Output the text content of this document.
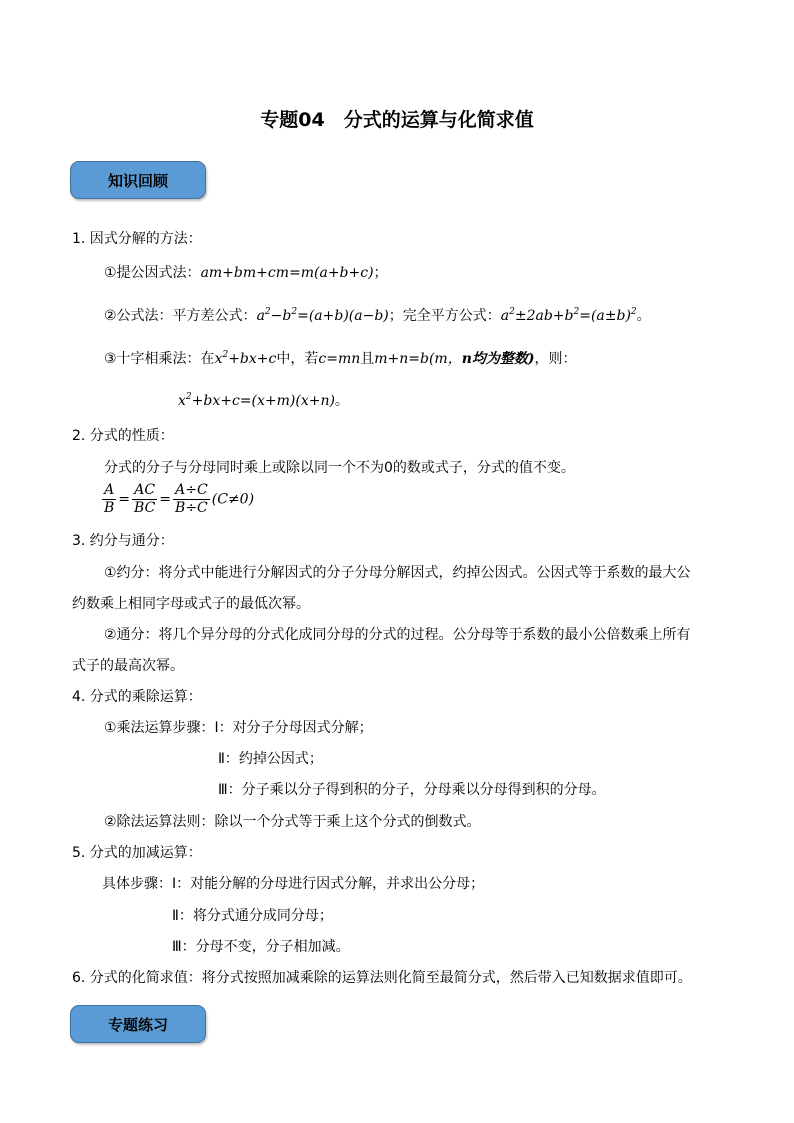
专题04　分式的运算与化简求值
知识回顾
1. 因式分解的方法：
①提公因式法：am+bm+cm=m(a+b+c)；
②公式法：平方差公式：$a^2-b^2=(a+b)(a-b)$；完全平方公式：$a^2\pm 2ab+b^2=(a\pm b)^2$。
③十字相乘法：在$x^2+bx+c$中，若c=mn且m+n=b(m，n均为整数)，则：
$x^2+bx+c=(x+m)(x+n)$。
2. 分式的性质：
分式的分子与分母同时乘上或除以同一个不为0的数或式子，分式的值不变。
$\frac{A}{B} = \frac{AC}{BC} = \frac{A\div C}{B\div C} (C\ne 0)$
3. 约分与通分：
①约分：将分式中能进行分解因式的分子分母分解因式，约掉公因式。公因式等于系数的最大公
约数乘上相同字母或式子的最低次幂。
②通分：将几个异分母的分式化成同分母的分式的过程。公分母等于系数的最小公倍数乘上所有
式子的最高次幂。
4. 分式的乘除运算：
①乘法运算步骤：Ⅰ：对分子分母因式分解；
Ⅱ：约掉公因式；
Ⅲ：分子乘以分子得到积的分子，分母乘以分母得到积的分母。
②除法运算法则：除以一个分式等于乘上这个分式的倒数式。
5. 分式的加减运算：
具体步骤：Ⅰ：对能分解的分母进行因式分解，并求出公分母；
Ⅱ：将分式通分成同分母；
Ⅲ：分母不变，分子相加减。
6. 分式的化简求值：将分式按照加减乘除的运算法则化简至最简分式，然后带入已知数据求值即可。
专题练习
